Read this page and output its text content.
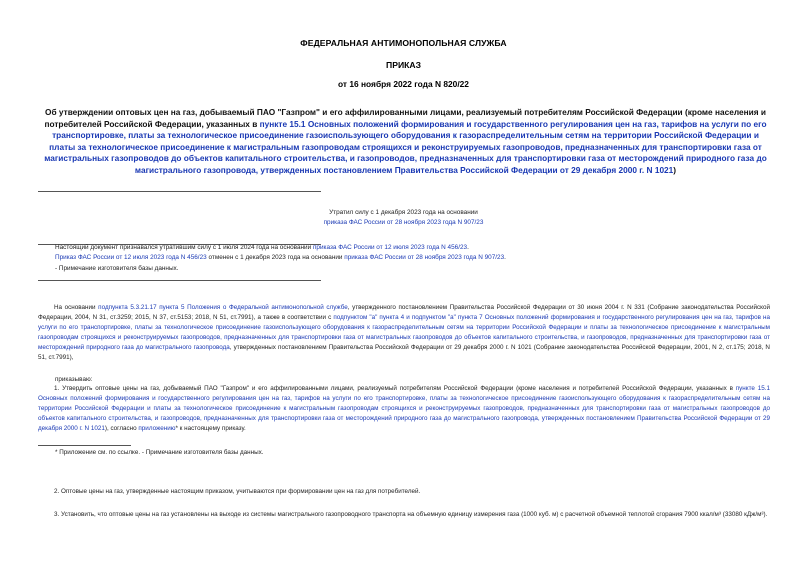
ФЕДЕРАЛЬНАЯ АНТИМОНОПОЛЬНАЯ СЛУЖБА
ПРИКАЗ
от 16 ноября 2022 года N 820/22
Об утверждении оптовых цен на газ, добываемый ПАО "Газпром" и его аффилированными лицами, реализуемый потребителям Российской Федерации (кроме населения и потребителей Российской Федерации, указанных в пункте 15.1 Основных положений формирования и государственного регулирования цен на газ, тарифов на услуги по его транспортировке, платы за технологическое присоединение газоиспользующего оборудования к газораспределительным сетям на территории Российской Федерации и платы за технологическое присоединение к магистральным газопроводам строящихся и реконструируемых газопроводов, предназначенных для транспортировки газа от магистральных газопроводов до объектов капитального строительства, и газопроводов, предназначенных для транспортировки газа от месторождений природного газа до магистрального газопровода, утвержденных постановлением Правительства Российской Федерации от 29 декабря 2000 г. N 1021)
Утратил силу с 1 декабря 2023 года на основании
приказа ФАС России от 28 ноября 2023 года N 907/23
Настоящий документ признавался утратившим силу с 1 июля 2024 года на основании приказа ФАС России от 12 июля 2023 года N 456/23.
Приказ ФАС России от 12 июля 2023 года N 456/23 отменен с 1 декабря 2023 года на основании приказа ФАС России от 28 ноября 2023 года N 907/23.
- Примечание изготовителя базы данных.
На основании подпункта 5.3.21.17 пункта 5 Положения о Федеральной антимонопольной службе, утвержденного постановлением Правительства Российской Федерации от 30 июня 2004 г. N 331 (Собрание законодательства Российской Федерации, 2004, N 31, ст.3259; 2015, N 37, ст.5153; 2018, N 51, ст.7991), а также в соответствии с подпунктом "а" пункта 4 и подпунктом "а" пункта 7 Основных положений формирования и государственного регулирования цен на газ, тарифов на услуги по его транспортировке, платы за технологическое присоединение газоиспользующего оборудования к газораспределительным сетям на территории Российской Федерации и платы за технологическое присоединение к магистральным газопроводам строящихся и реконструируемых газопроводов, предназначенных для транспортировки газа от магистральных газопроводов до объектов капитального строительства, и газопроводов, предназначенных для транспортировки газа от месторождений природного газа до магистрального газопровода, утвержденных постановлением Правительства Российской Федерации от 29 декабря 2000 г. N 1021 (Собрание законодательства Российской Федерации, 2001, N 2, ст.175; 2018, N 51, ст.7991),
приказываю:
1. Утвердить оптовые цены на газ, добываемый ПАО "Газпром" и его аффилированными лицами, реализуемый потребителям Российской Федерации (кроме населения и потребителей Российской Федерации, указанных в пункте 15.1 Основных положений формирования и государственного регулирования цен на газ, тарифов на услуги по его транспортировке, платы за технологическое присоединение газоиспользующего оборудования к газораспределительным сетям на территории Российской Федерации и платы за технологическое присоединение к магистральным газопроводам строящихся и реконструируемых газопроводов, предназначенных для транспортировки газа от магистральных газопроводов до объектов капитального строительства, и газопроводов, предназначенных для транспортировки газа от месторождений природного газа до магистрального газопровода, утвержденных постановлением Правительства Российской Федерации от 29 декабря 2000 г. N 1021), согласно приложению* к настоящему приказу.
* Приложение см. по ссылке. - Примечание изготовителя базы данных.
2. Оптовые цены на газ, утвержденные настоящим приказом, учитываются при формировании цен на газ для потребителей.
3. Установить, что оптовые цены на газ установлены на выходе из системы магистрального газопроводного транспорта на объемную единицу измерения газа (1000 куб. м) с расчетной объемной теплотой сгорания 7900 ккал/м³ (33080 кДж/м³).
